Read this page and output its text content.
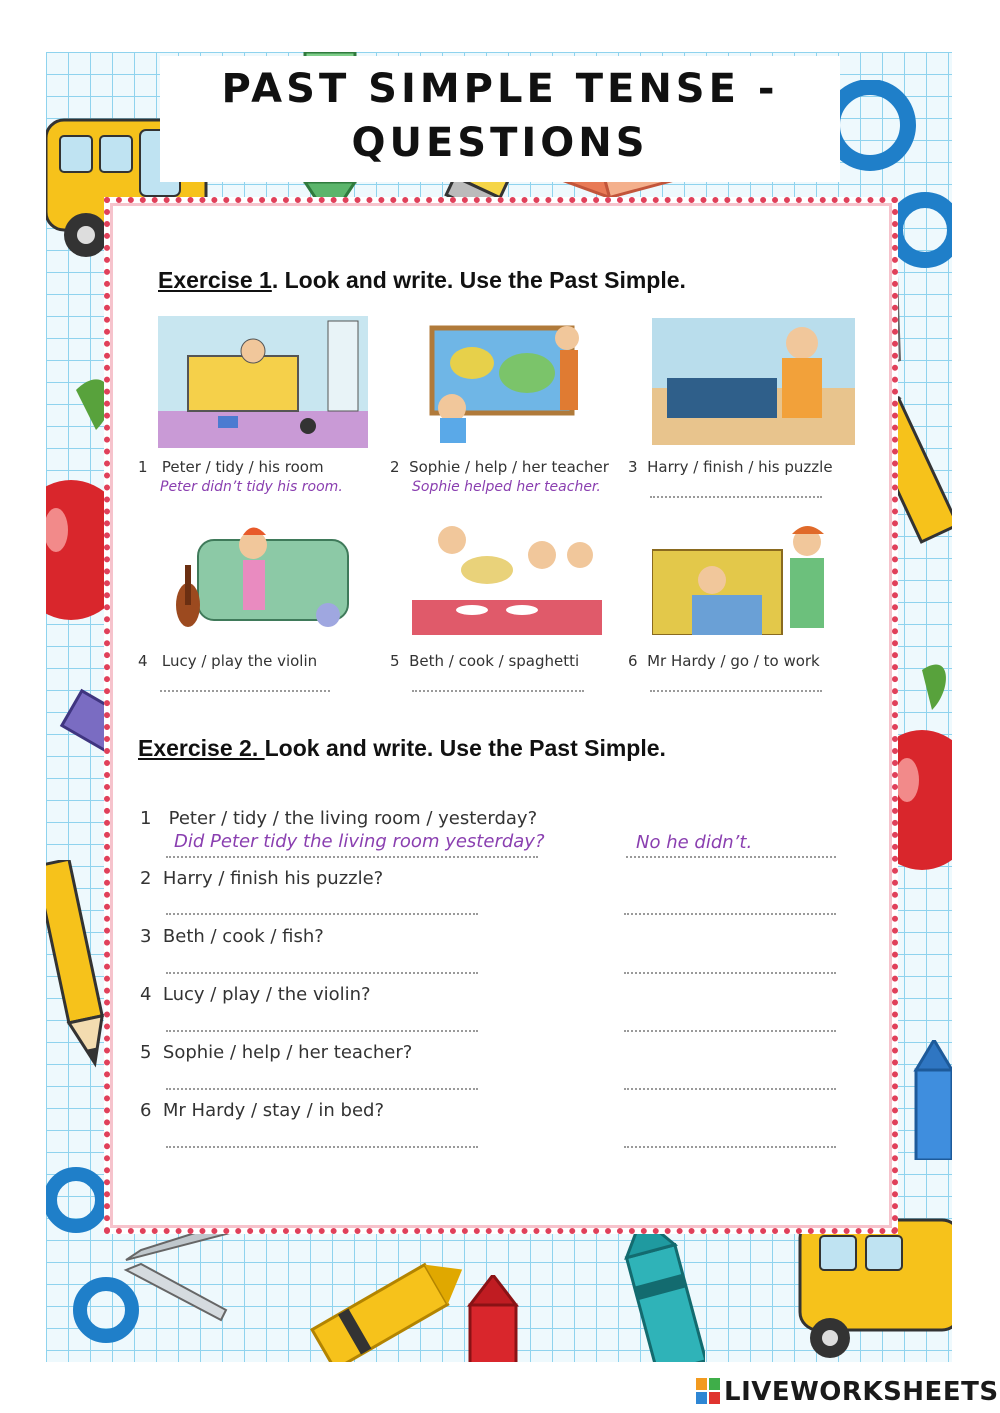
PAST SIMPLE TENSE -
QUESTIONS
Exercise 1. Look and write. Use the Past Simple.
1 Peter / tidy / his room
Peter didn’t tidy his room.
2 Sophie / help / her teacher
Sophie helped her teacher.
3 Harry / finish / his puzzle
4 Lucy / play the violin	5 Beth / cook / spaghetti	6 Mr Hardy / go / to work
Exercise 2. Look and write. Use the Past Simple.
1 Peter / tidy / the living room / yesterday?
Did Peter tidy the living room yesterday?	No he didn’t.
2 Harry / finish his puzzle?
3 Beth / cook / fish?
4 Lucy / play / the violin?
5 Sophie / help / her teacher?
6 Mr Hardy / stay / in bed?
LIVEWORKSHEETS
